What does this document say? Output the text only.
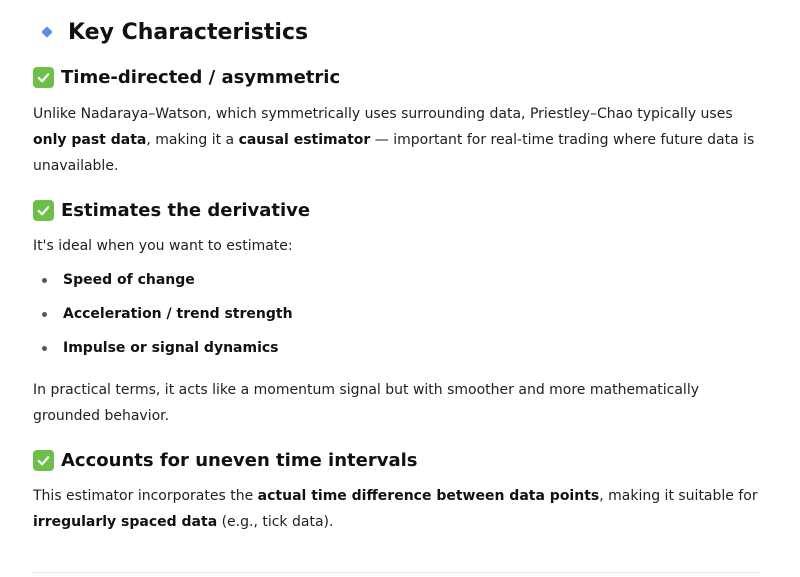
Key Characteristics
Time-directed / asymmetric
Unlike Nadaraya–Watson, which symmetrically uses surrounding data, Priestley–Chao typically uses only past data, making it a causal estimator — important for real-time trading where future data is unavailable.
Estimates the derivative
It's ideal when you want to estimate:
Speed of change
Acceleration / trend strength
Impulse or signal dynamics
In practical terms, it acts like a momentum signal but with smoother and more mathematically grounded behavior.
Accounts for uneven time intervals
This estimator incorporates the actual time difference between data points, making it suitable for irregularly spaced data (e.g., tick data).
